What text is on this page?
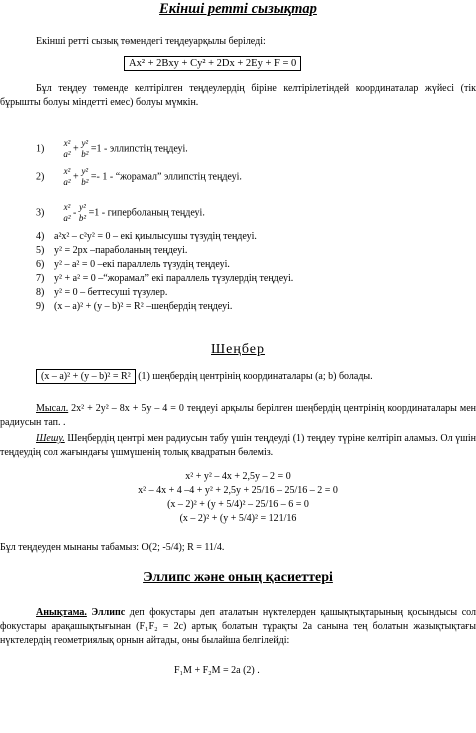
Екінші ретті сызықтар
Екінші ретті сызық төмендегі теңдеуарқылы беріледі:
Ax² + 2Bxy + Cy² + 2Dx + 2Ey + F = 0
Бұл теңдеу төменде келтірілген теңдеулердің біріне келтірілетіндей координаталар жүйесі (тік бұрышты болуы міндетті емес) болуы мүмкін.
1)
x²
a² +
y²
b² =1 - эллипстің теңдеуі.
2)
x²
a² +
y²
b² =- 1 - “жорамал” эллипстің теңдеуі.
3)
x²
a² -
y²
b² =1 - гиперболаның теңдеуі.
4) a²x² – c²y² = 0 – екі қиылысушы түзудің теңдеуі.
5) y² = 2px –параболаның теңдеуі.
6) y² – a² = 0 –екі параллель түзудің теңдеуі.
7) y² + a² = 0 –“жорамал” екі параллель түзулердің теңдеуі.
8) y² = 0 – беттесуші түзулер.
9) (x – a)² + (y – b)² = R² –шеңбердің теңдеуі.
Шеңбер
(x – a)² + (y – b)² = R² (1) шеңбердің центрінің координаталары (a; b) болады.
Мысал. 2x² + 2y² – 8x + 5y – 4 = 0 теңдеуі арқылы берілген шеңбердің центрінің координаталары мен радиусын тап. .
Шешу. Шеңбердің центрі мен радиусын табу үшін теңдеуді (1) теңдеу түріне келтіріп аламыз. Ол үшін теңдеудің сол жағындағы үшмүшенің толық квадратын бөлеміз.
x² + y² – 4x + 2,5y – 2 = 0
x² – 4x + 4 –4 + y² + 2,5y + 25/16 – 25/16 – 2 = 0
(x – 2)² + (y + 5/4)² – 25/16 – 6 = 0
(x – 2)² + (y + 5/4)² = 121/16
Бұл теңдеуден мынаны табамыз: O(2; -5/4); R = 11/4.
Эллипс және оның қасиеттері
Анықтама. Эллипс деп фокустары деп аталатын нүктелерден қашықтықтарының қосындысы сол фокустары арақашықтығынан (F₁F₂ = 2c) артық болатын тұрақты 2a санына тең болатын жазықтықтағы нүктелердің геометриялық орнын айтады, оны былайша белгілейді:
F₁M + F₂M = 2a (2) .
